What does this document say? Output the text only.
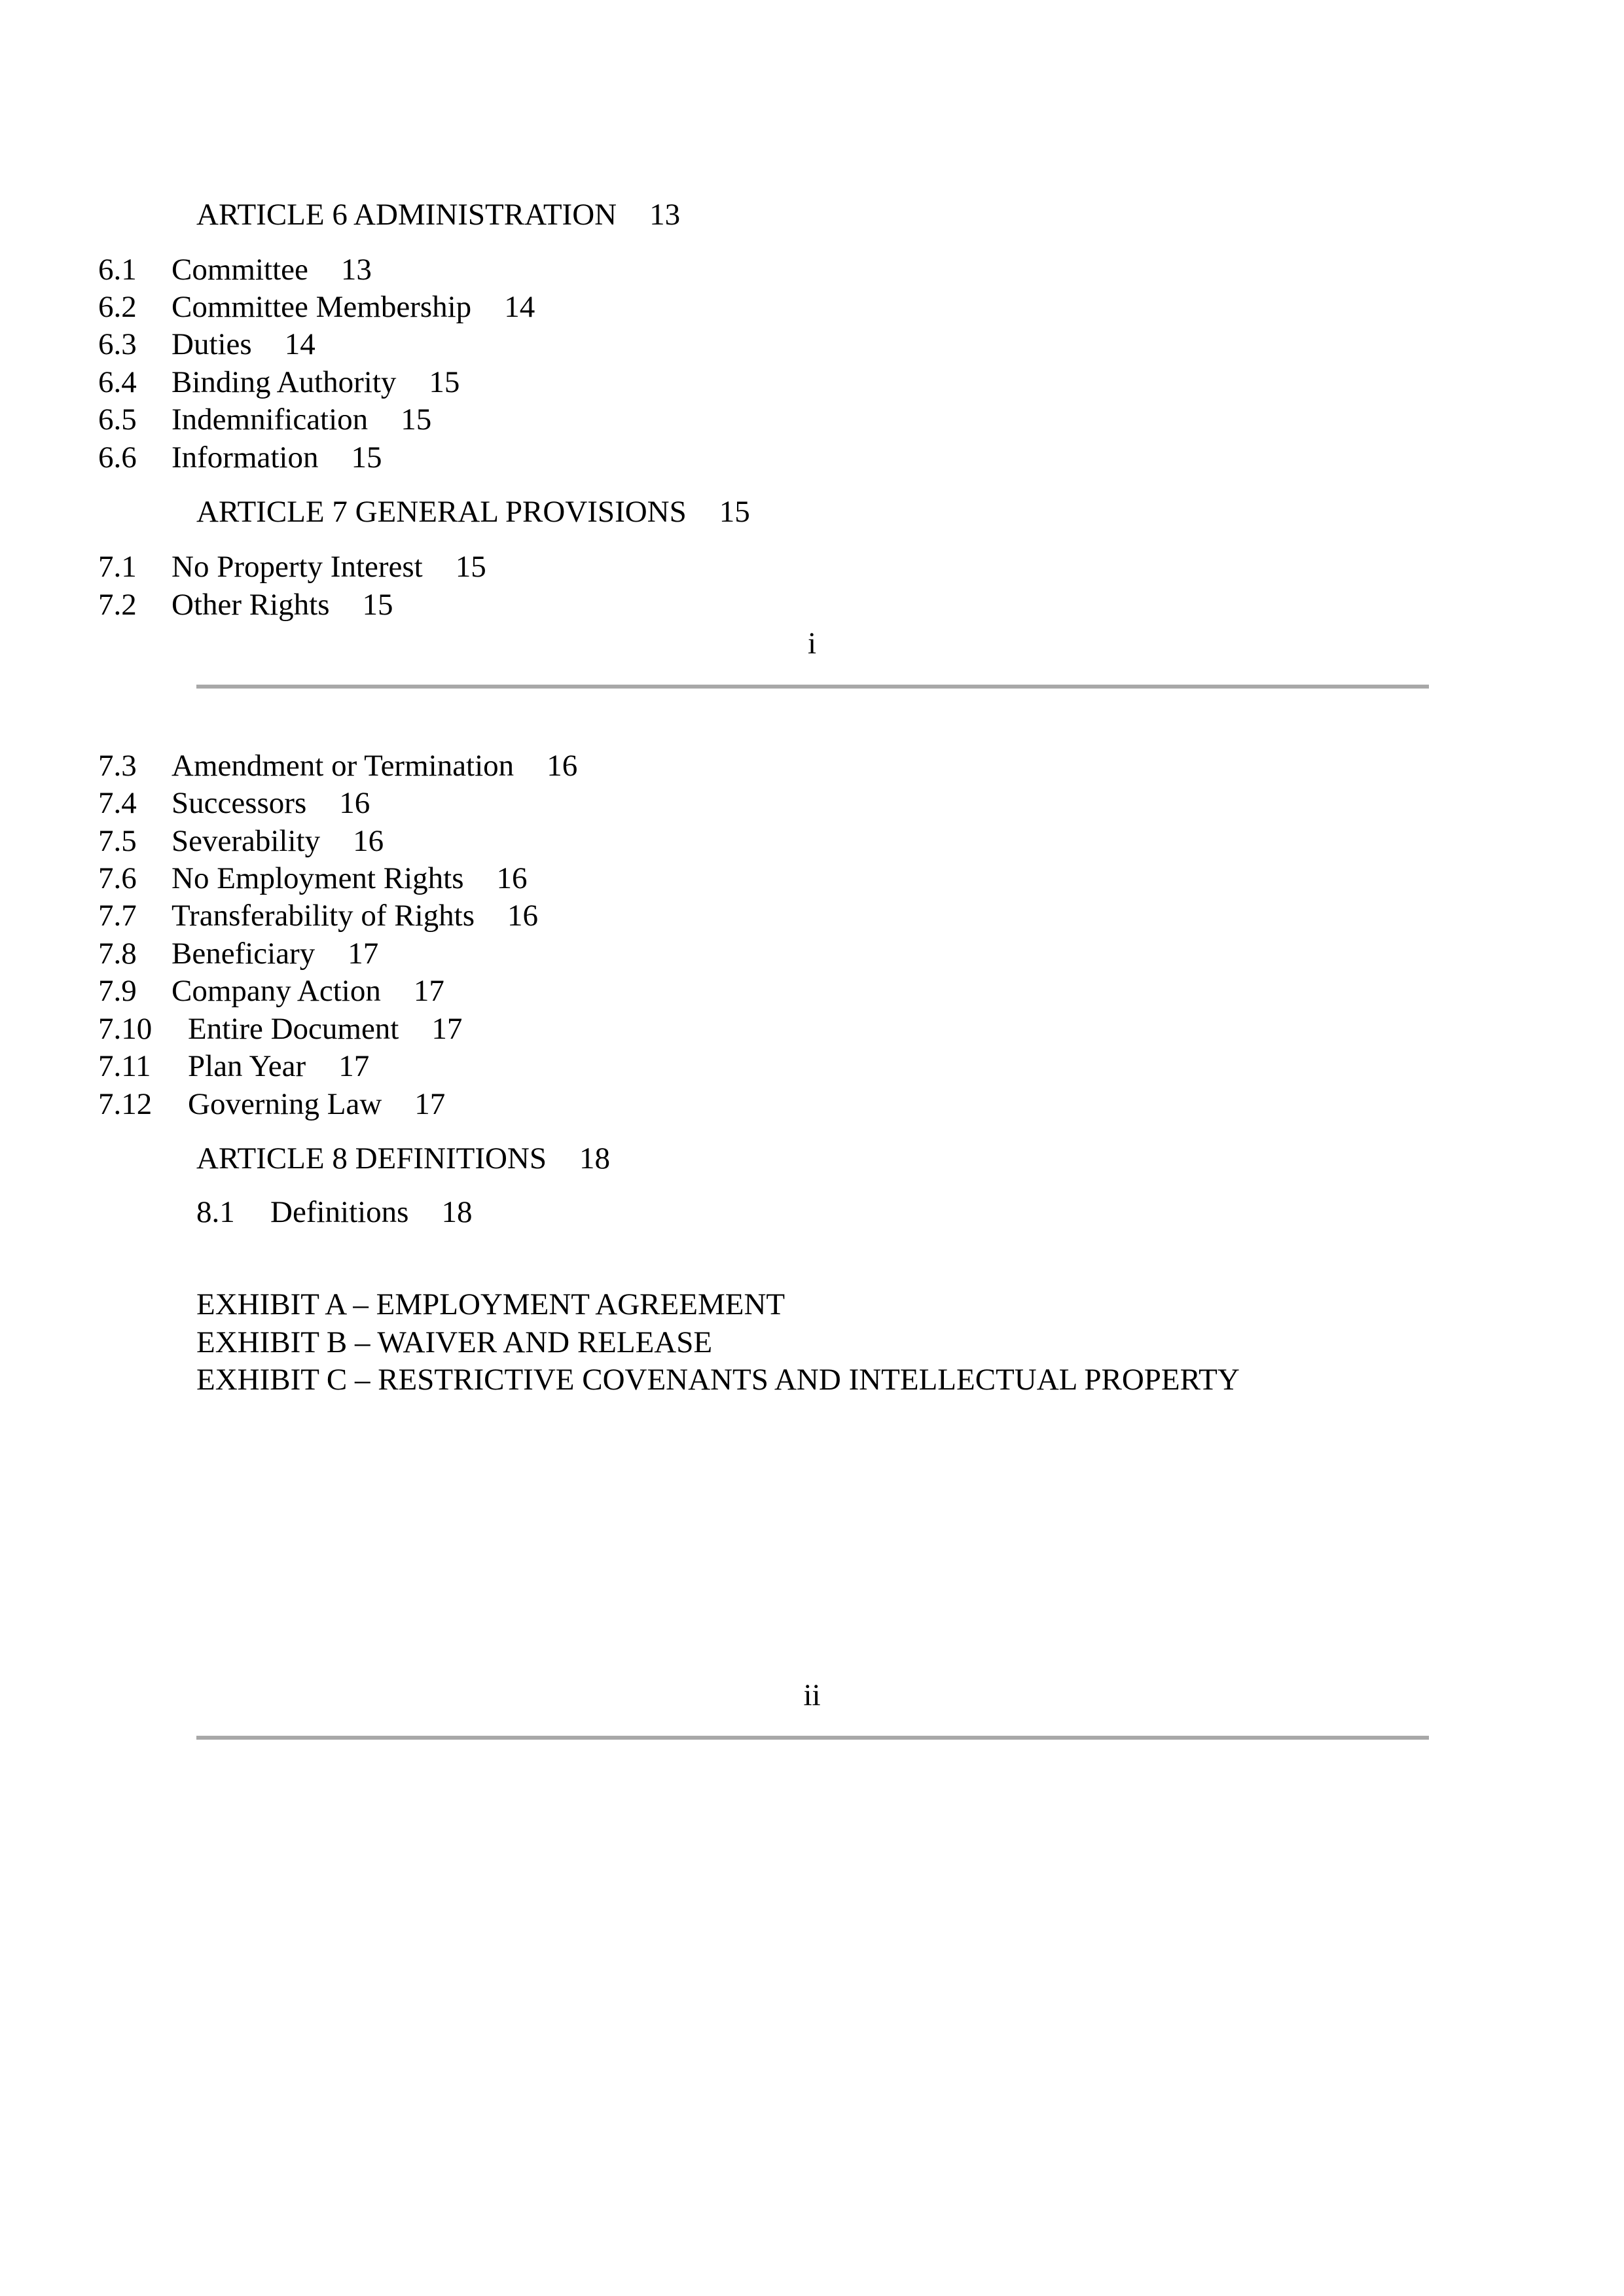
ARTICLE 6 ADMINISTRATION 13
6.1 Committee 13
6.2 Committee Membership 14
6.3 Duties 14
6.4 Binding Authority 15
6.5 Indemnification 15
6.6 Information 15
ARTICLE 7 GENERAL PROVISIONS 15
7.1 No Property Interest 15
7.2 Other Rights 15
i
7.3 Amendment or Termination 16
7.4 Successors 16
7.5 Severability 16
7.6 No Employment Rights 16
7.7 Transferability of Rights 16
7.8 Beneficiary 17
7.9 Company Action 17
7.10 Entire Document 17
7.11 Plan Year 17
7.12 Governing Law 17
ARTICLE 8 DEFINITIONS 18
8.1 Definitions 18
EXHIBIT A – EMPLOYMENT AGREEMENT
EXHIBIT B – WAIVER AND RELEASE
EXHIBIT C – RESTRICTIVE COVENANTS AND INTELLECTUAL PROPERTY
ii
